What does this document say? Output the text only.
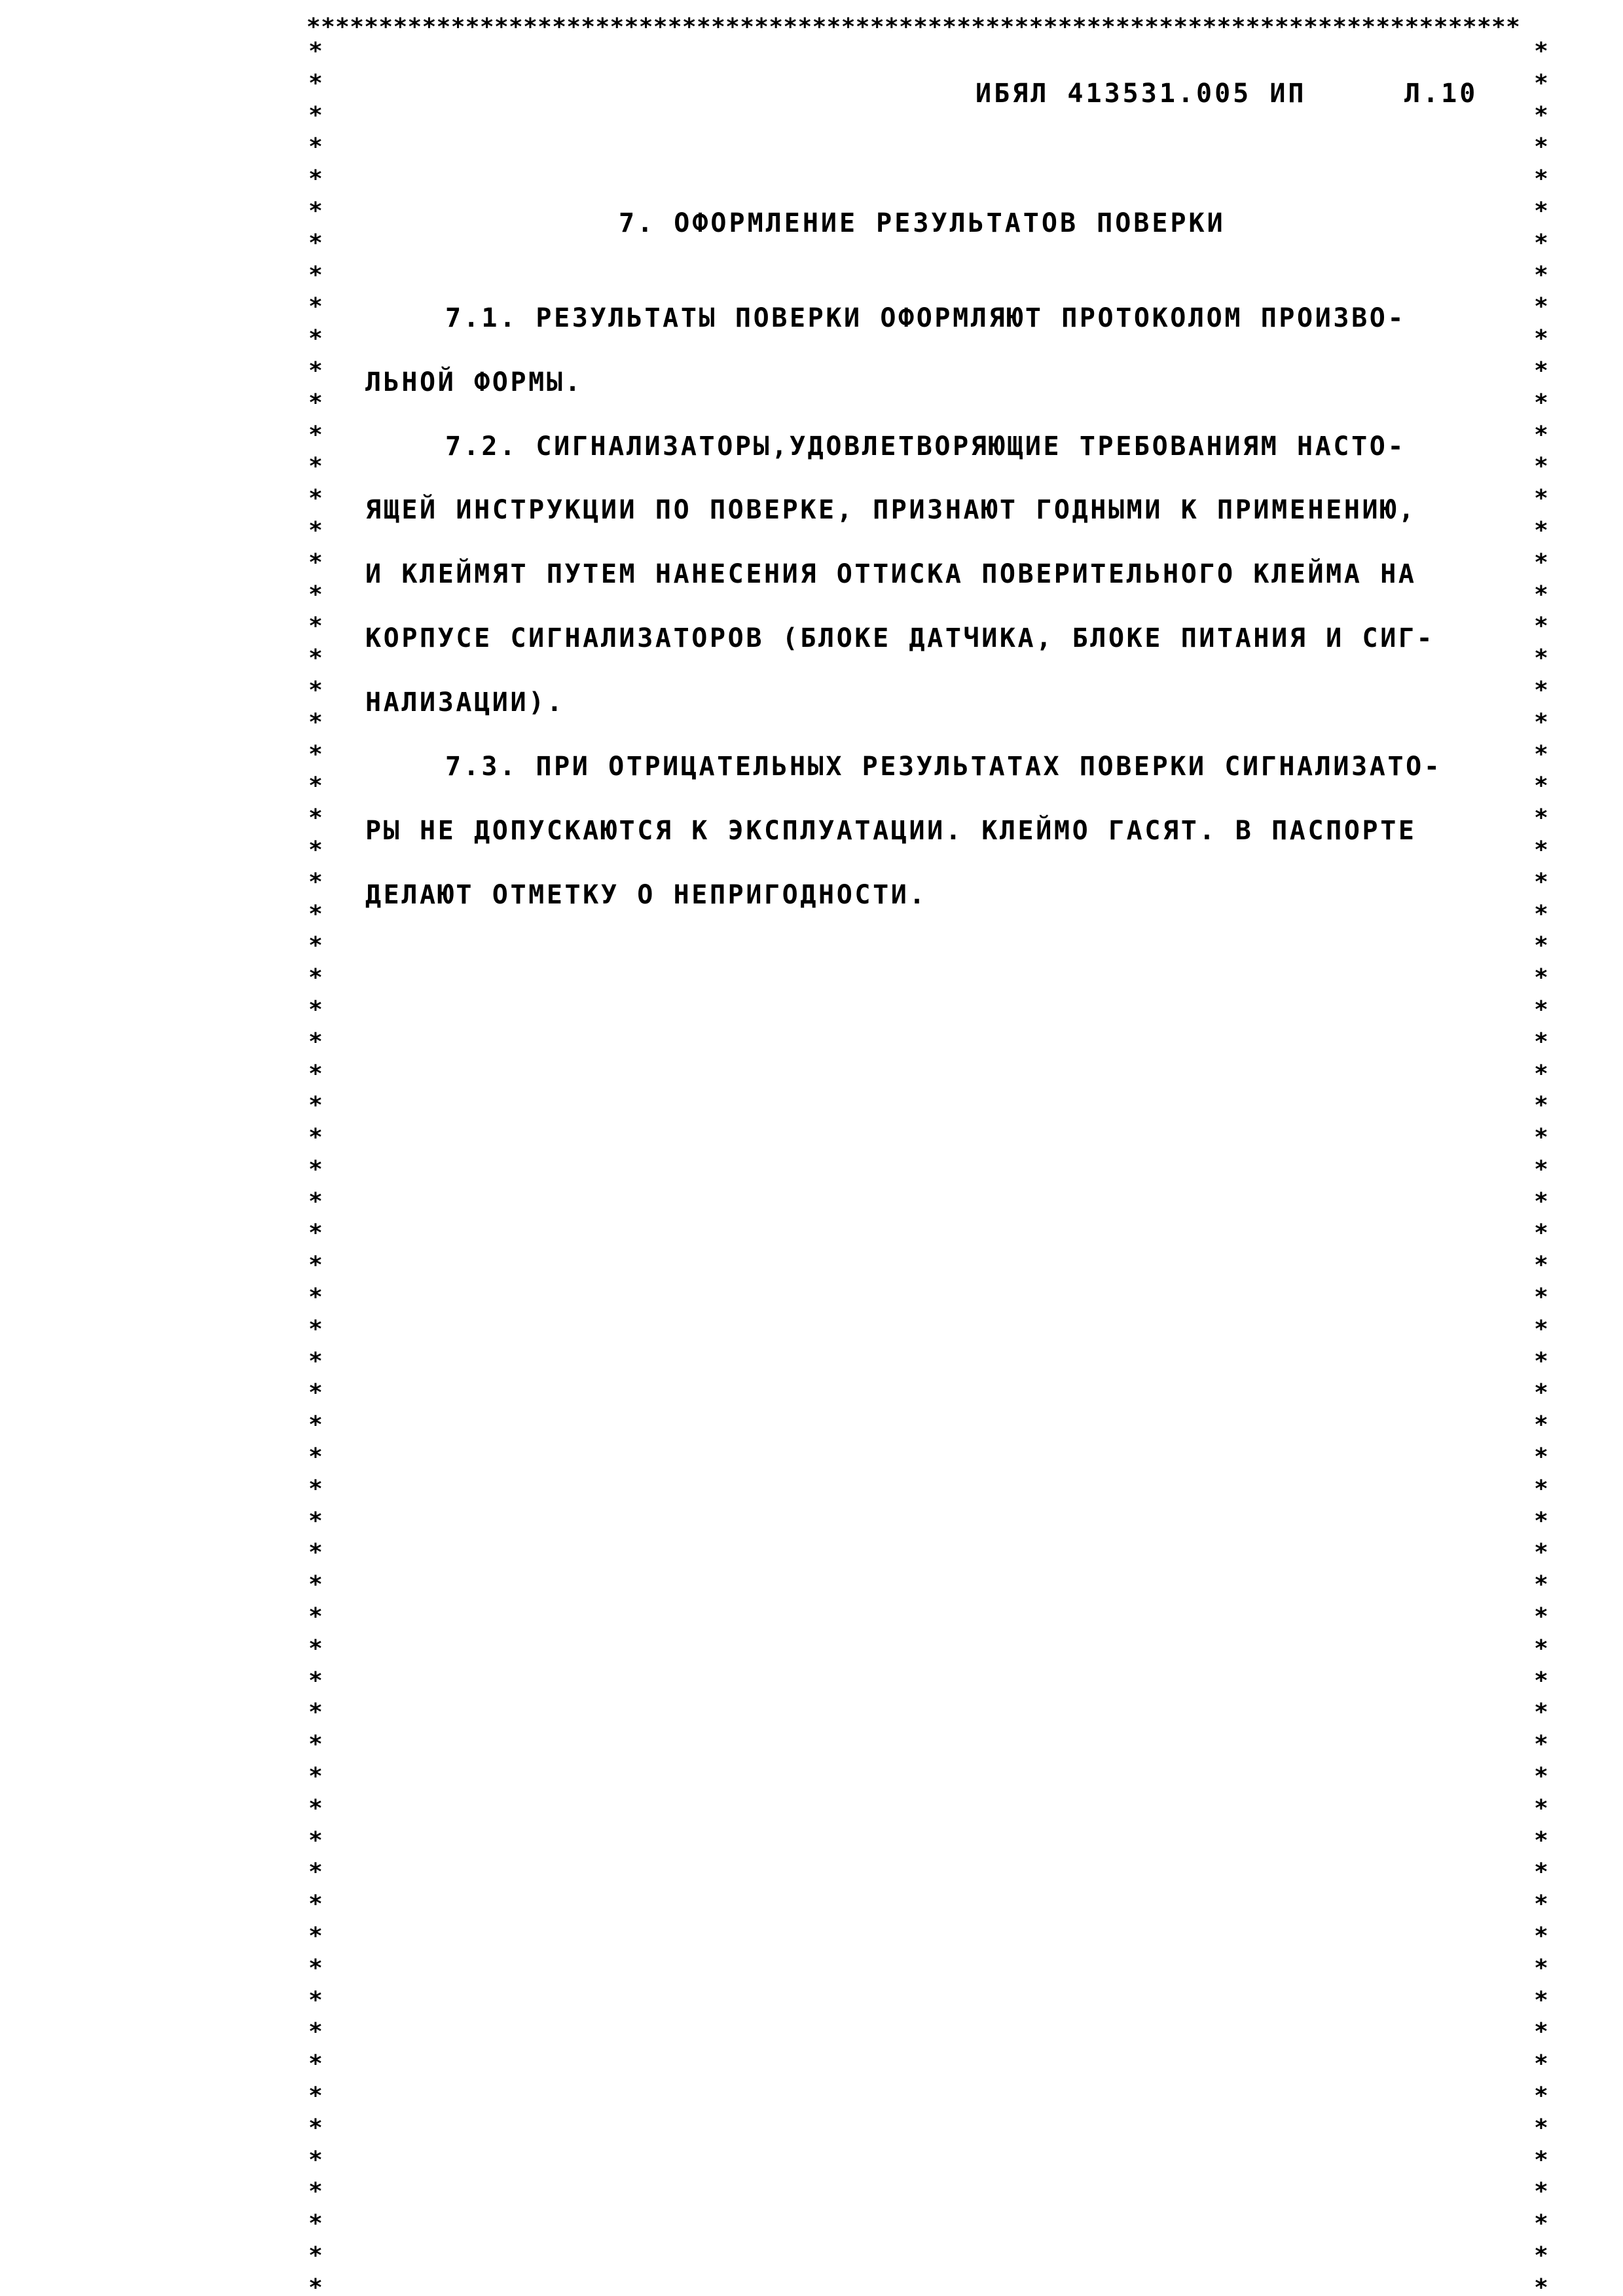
************************************************************************************
*
*
*
*
*
*
*
*
*
*
*
*
*
*
*
*
*
*
*
*
*
*
*
*
*
*
*
*
*
*
*
*
*
*
*
*
*
*
*
*
*
*
*
*
*
*
*
*
*
*
*
*
*
*
*
*
*
*
*
*
*
*
*
*
*
*
*
*
*
*
*
*
*
*
*
*
*
*
*
*
*
*
*
*
*
*
*
*
*
*
*
*
*
*
*
*
*
*
*
*
*
*
*
*
*
*
*
*
*
*
*
*
*
*
*
*
*
*
*
*
*
*
*
*
*
*
*
*
*
*
*
*
*
*
*
*
*
*
*
*
*
*
ИБЯЛ 413531.005 ИП	Л.10
7. ОФОРМЛЕНИЕ РЕЗУЛЬТАТОВ ПОВЕРКИ
7.1. РЕЗУЛЬТАТЫ ПОВЕРКИ ОФОРМЛЯЮТ ПРОТОКОЛОМ ПРОИЗВО-
ЛЬНОЙ ФОРМЫ.
7.2. СИГНАЛИЗАТОРЫ,УДОВЛЕТВОРЯЮЩИЕ ТРЕБОВАНИЯМ НАСТО-
ЯЩЕЙ ИНСТРУКЦИИ ПО ПОВЕРКЕ, ПРИЗНАЮТ ГОДНЫМИ К ПРИМЕНЕНИЮ,
И КЛЕЙМЯТ ПУТЕМ НАНЕСЕНИЯ ОТТИСКА ПОВЕРИТЕЛЬНОГО КЛЕЙМА НА
КОРПУСЕ СИГНАЛИЗАТОРОВ (БЛОКЕ ДАТЧИКА, БЛОКЕ ПИТАНИЯ И СИГ-
НАЛИЗАЦИИ).
7.3. ПРИ ОТРИЦАТЕЛЬНЫХ РЕЗУЛЬТАТАХ ПОВЕРКИ СИГНАЛИЗАТО-
РЫ НЕ ДОПУСКАЮТСЯ К ЭКСПЛУАТАЦИИ. КЛЕЙМО ГАСЯТ. В ПАСПОРТЕ
ДЕЛАЮТ ОТМЕТКУ О НЕПРИГОДНОСТИ.
